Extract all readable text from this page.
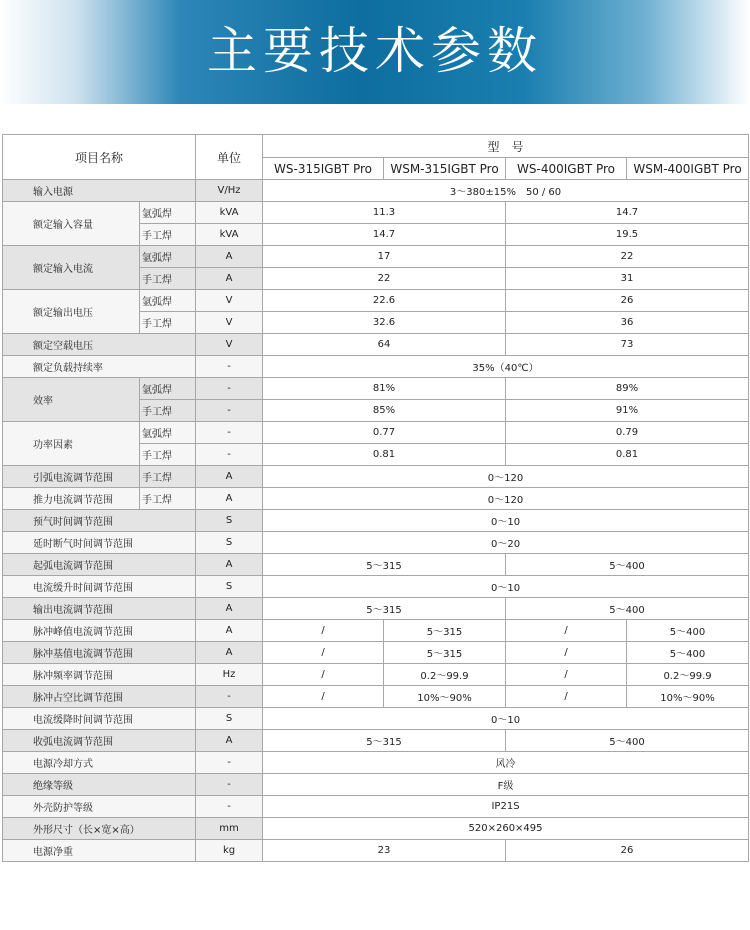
主要技术参数
项目名称		单位	型　号			
			WS-315IGBT Pro	WSM-315IGBT Pro	WS-400IGBT Pro	WSM-400IGBT Pro
输入电源		V/Hz	3～380±15%　50 / 60			
额定输入容量	氩弧焊	kVA	11.3		14.7	
	手工焊	kVA	14.7		19.5	
额定输入电流	氩弧焊	A	17		22	
	手工焊	A	22		31	
额定输出电压	氩弧焊	V	22.6		26	
	手工焊	V	32.6		36	
额定空载电压		V	64		73	
额定负载持续率		-	35%（40℃）			
效率	氩弧焊	-	81%		89%	
	手工焊	-	85%		91%	
功率因素	氩弧焊	-	0.77		0.79	
	手工焊	-	0.81		0.81	
引弧电流调节范围	手工焊	A	0～120			
推力电流调节范围	手工焊	A	0～120			
预气时间调节范围		S	0～10			
延时断气时间调节范围		S	0～20			
起弧电流调节范围		A	5～315		5～400	
电流缓升时间调节范围		S	0～10			
输出电流调节范围		A	5～315		5～400	
脉冲峰值电流调节范围		A	/	5～315	/	5～400
脉冲基值电流调节范围		A	/	5～315	/	5～400
脉冲频率调节范围		Hz	/	0.2～99.9	/	0.2～99.9
脉冲占空比调节范围		-	/	10%～90%	/	10%～90%
电流缓降时间调节范围		S	0～10			
收弧电流调节范围		A	5～315		5～400	
电源冷却方式		-	风冷			
绝缘等级		-	F级			
外壳防护等级		-	IP21S			
外形尺寸（长×宽×高）		mm	520×260×495			
电源净重		kg	23		26	
